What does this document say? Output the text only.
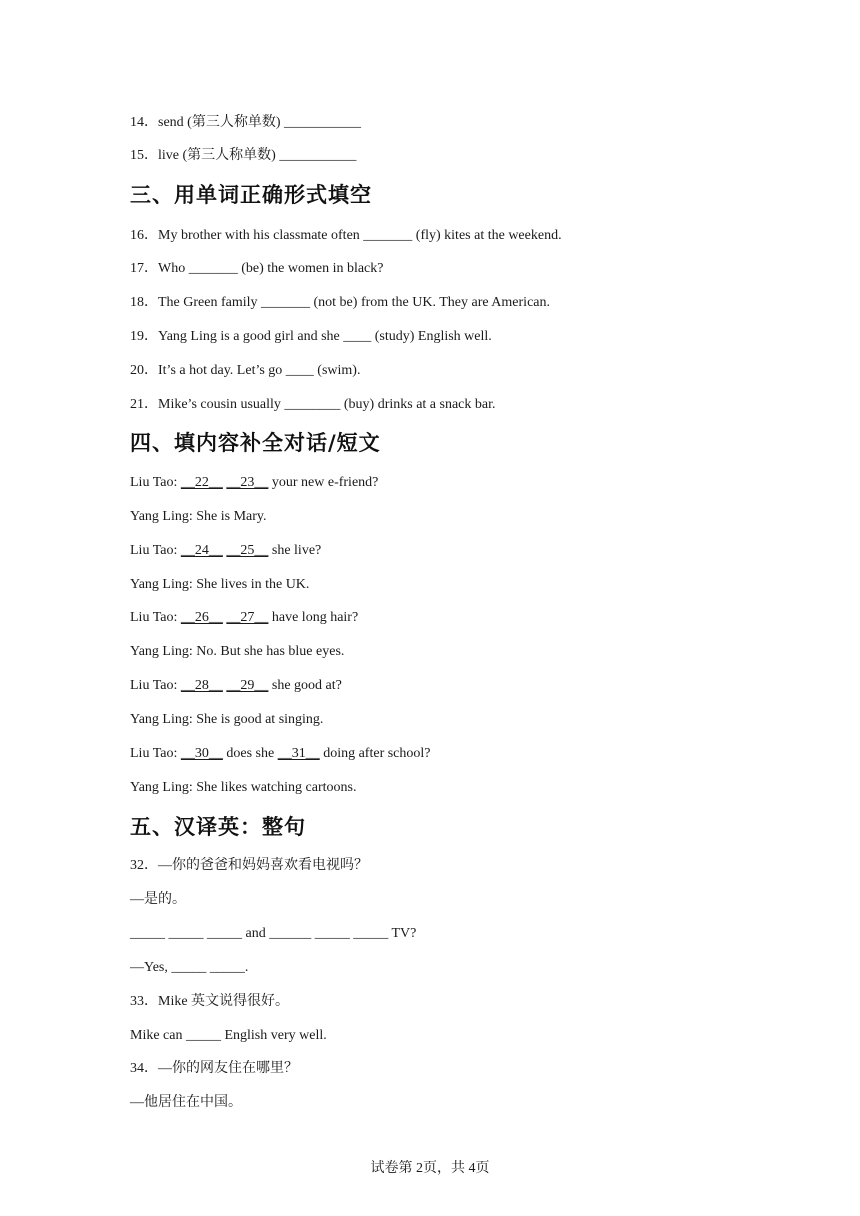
14．send (第三人称单数) ___________
15．live (第三人称单数) ___________
三、用单词正确形式填空
16．My brother with his classmate often _______ (fly) kites at the weekend.
17．Who _______ (be) the women in black?
18．The Green family _______ (not be) from the UK. They are American.
19．Yang Ling is a good girl and she ____ (study) English well.
20．It’s a hot day. Let’s go ____ (swim).
21．Mike’s cousin usually ________ (buy) drinks at a snack bar.
四、填内容补全对话/短文
Liu Tao: __22__ __23__ your new e-friend?
Yang Ling: She is Mary.
Liu Tao: __24__ __25__ she live?
Yang Ling: She lives in the UK.
Liu Tao: __26__ __27__ have long hair?
Yang Ling: No. But she has blue eyes.
Liu Tao: __28__ __29__ she good at?
Yang Ling: She is good at singing.
Liu Tao: __30__ does she __31__ doing after school?
Yang Ling: She likes watching cartoons.
五、汉译英：整句
32．—你的爸爸和妈妈喜欢看电视吗？
—是的。
_____ _____ _____ and ______ _____ _____ TV?
—Yes, _____ _____.
33．Mike 英文说得很好。
Mike can _____ English very well.
34．—你的网友住在哪里？
—他居住在中国。
试卷第 2页，共 4页
